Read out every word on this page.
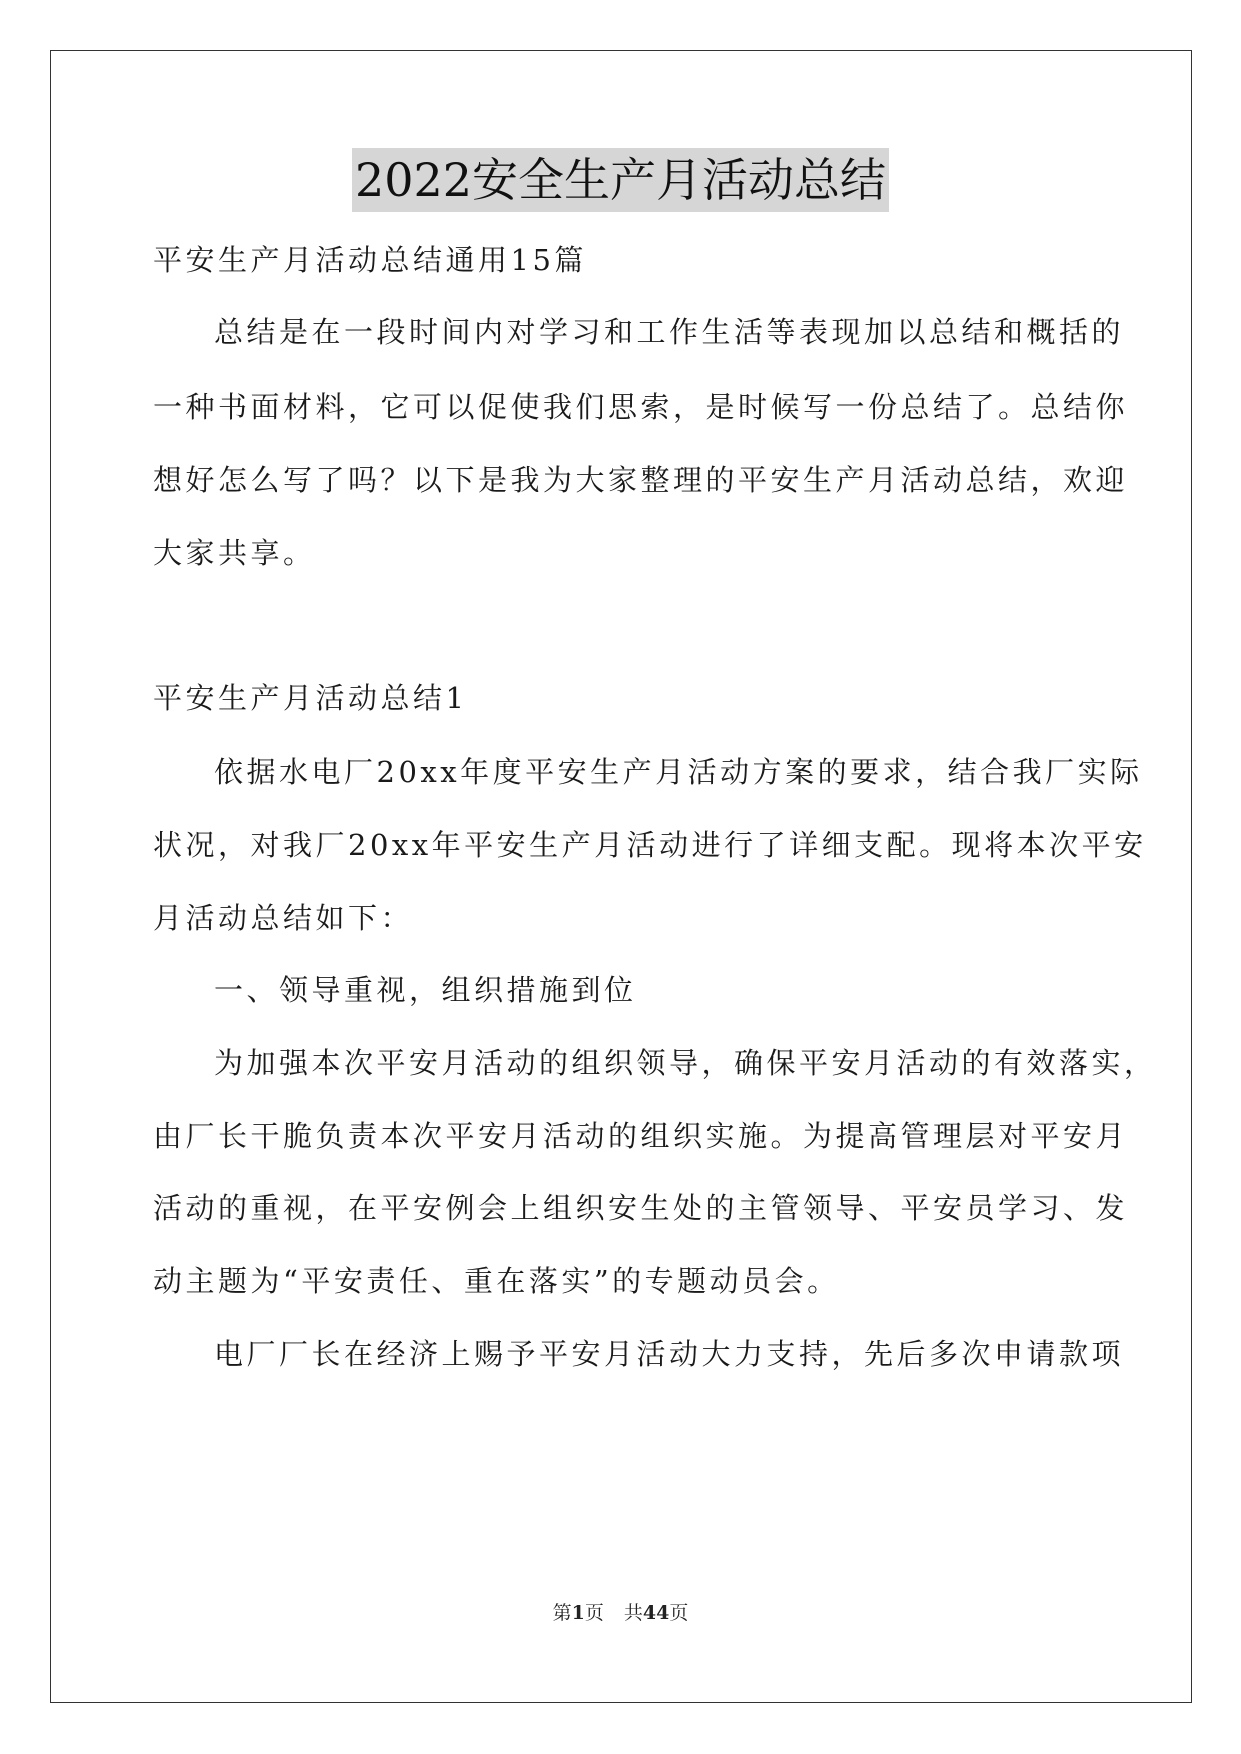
2022安全生产月活动总结
平安生产月活动总结通用15篇
总结是在一段时间内对学习和工作生活等表现加以总结和概括的
一种书面材料，它可以促使我们思索，是时候写一份总结了。总结你
想好怎么写了吗？以下是我为大家整理的平安生产月活动总结，欢迎
大家共享。
平安生产月活动总结1
依据水电厂20xx年度平安生产月活动方案的要求，结合我厂实际
状况，对我厂20xx年平安生产月活动进行了详细支配。现将本次平安
月活动总结如下：
一、领导重视，组织措施到位
为加强本次平安月活动的组织领导，确保平安月活动的有效落实，
由厂长干脆负责本次平安月活动的组织实施。为提高管理层对平安月
活动的重视，在平安例会上组织安生处的主管领导、平安员学习、发
动主题为“平安责任、重在落实”的专题动员会。
电厂厂长在经济上赐予平安月活动大力支持，先后多次申请款项
第1页 共44页
